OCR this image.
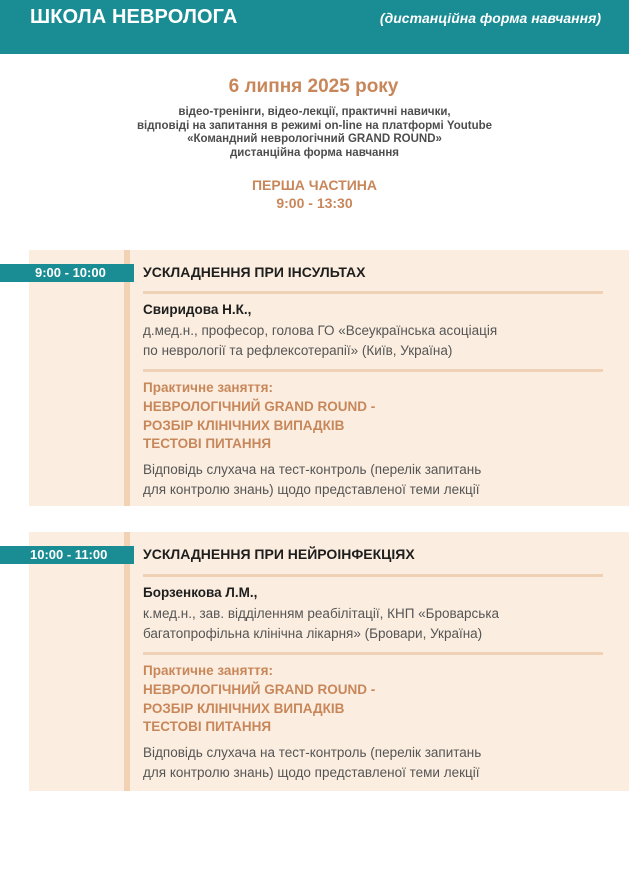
ШКОЛА НЕВРОЛОГА	(дистанційна форма навчання)
6 липня 2025 року
відео-тренінги, відео-лекції, практичні навички,
відповіді на запитання в режимі on-line на платформі Youtube
«Командний неврологічний GRAND ROUND»
дистанційна форма навчання
ПЕРША ЧАСТИНА
9:00 - 13:30
Свиридова Н.К.,
д.мед.н., професор, голова ГО «Всеукраїнська асоціація
по неврології та рефлексотерапії» (Київ, Україна)
Практичне заняття:
НЕВРОЛОГІЧНИЙ GRAND ROUND -
РОЗБІР КЛІНІЧНИХ ВИПАДКІВ
ТЕСТОВІ ПИТАННЯ
Відповідь слухача на тест-контроль (перелік запитань
для контролю знань) щодо представленої теми лекції
9:00 - 10:00	УСКЛАДНЕННЯ ПРИ ІНСУЛЬТАХ
Борзенкова Л.М.,
к.мед.н., зав. відділенням реабілітації, КНП «Броварська
багатопрофільна клінічна лікарня» (Бровари, Україна)
Практичне заняття:
НЕВРОЛОГІЧНИЙ GRAND ROUND -
РОЗБІР КЛІНІЧНИХ ВИПАДКІВ
ТЕСТОВІ ПИТАННЯ
Відповідь слухача на тест-контроль (перелік запитань
для контролю знань) щодо представленої теми лекції
10:00 - 11:00	УСКЛАДНЕННЯ ПРИ НЕЙРОІНФЕКЦІЯХ
